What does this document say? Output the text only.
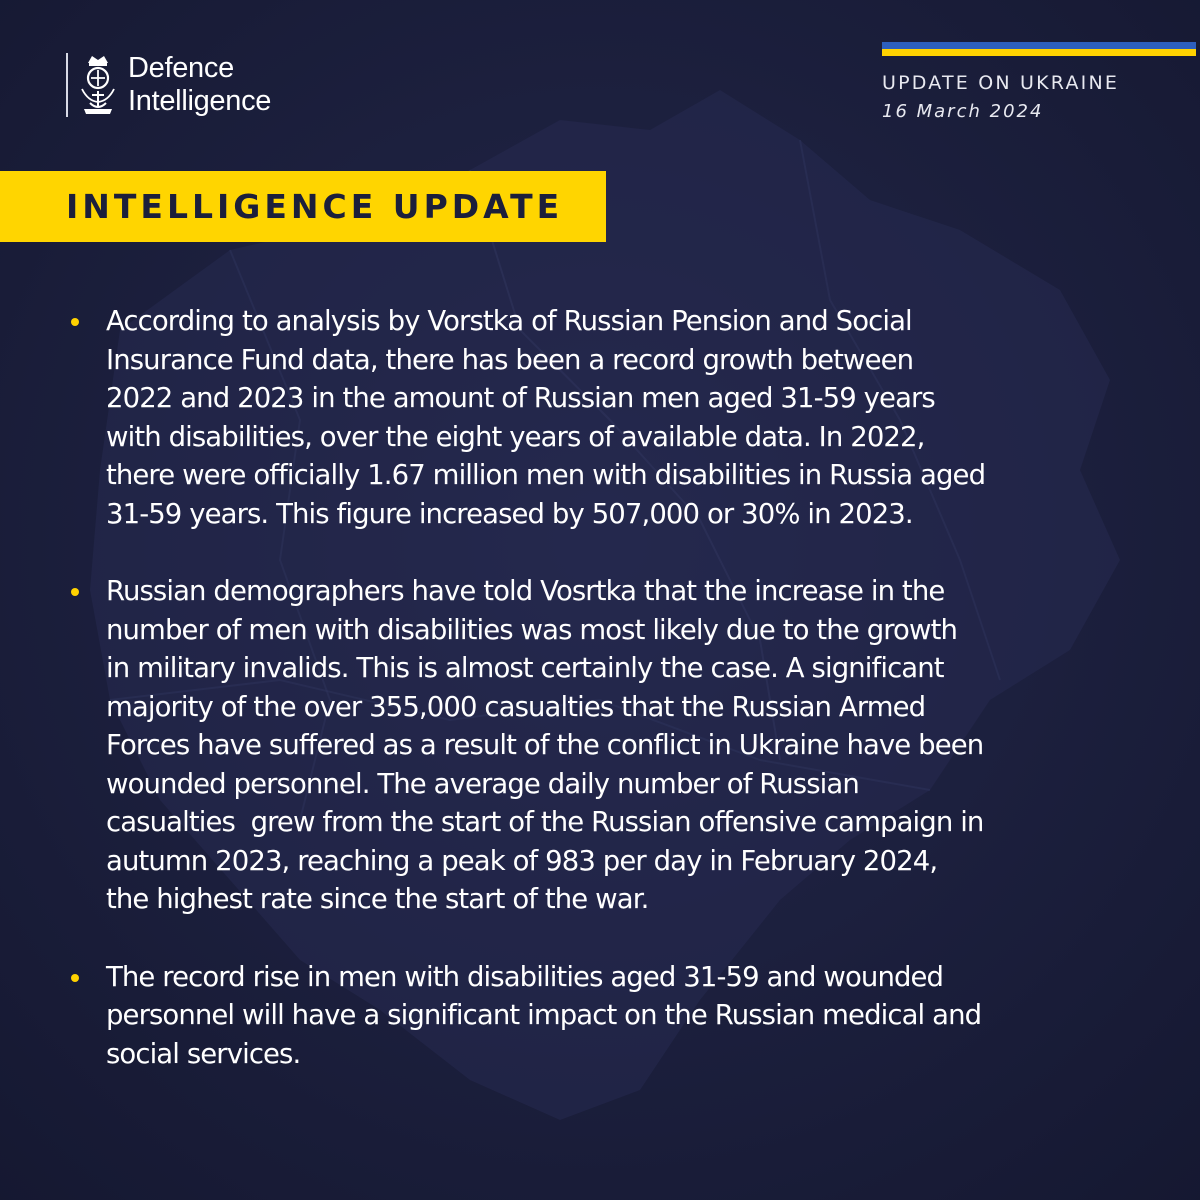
Defence
Intelligence
UPDATE ON UKRAINE
16 March 2024
INTELLIGENCE UPDATE
According to analysis by Vorstka of Russian Pension and Social
Insurance Fund data, there has been a record growth between
2022 and 2023 in the amount of Russian men aged 31-59 years
with disabilities, over the eight years of available data. In 2022,
there were officially 1.67 million men with disabilities in Russia aged
31-59 years. This figure increased by 507,000 or 30% in 2023.
Russian demographers have told Vosrtka that the increase in the
number of men with disabilities was most likely due to the growth
in military invalids. This is almost certainly the case. A significant
majority of the over 355,000 casualties that the Russian Armed
Forces have suffered as a result of the conflict in Ukraine have been
wounded personnel. The average daily number of Russian
casualties  grew from the start of the Russian offensive campaign in
autumn 2023, reaching a peak of 983 per day in February 2024,
the highest rate since the start of the war.
The record rise in men with disabilities aged 31-59 and wounded
personnel will have a significant impact on the Russian medical and
social services.
